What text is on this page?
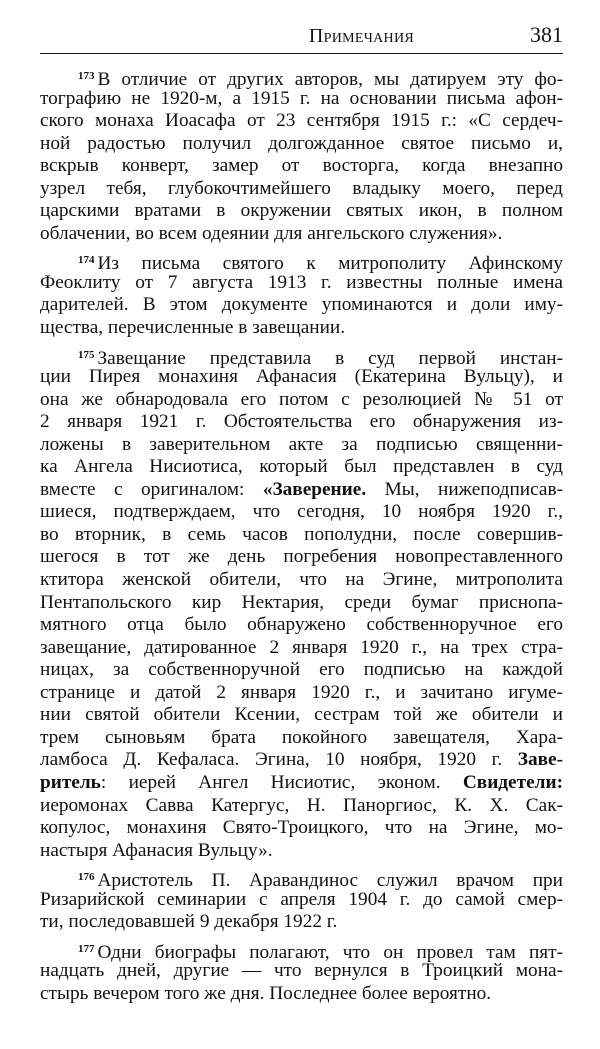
Примечания	381
$^{173}$ В отличие от других авторов, мы датируем эту фо-
тографию не 1920-м, а 1915 г. на основании письма афон-
ского монаха Иоасафа от 23 сентября 1915 г.: «С сердеч-
ной радостью получил долгожданное святое письмо и,
вскрыв конверт, замер от восторга, когда внезапно
узрел тебя, глубокочтимейшего владыку моего, перед
царскими вратами в окружении святых икон, в полном
облачении, во всем одеянии для ангельского служения».
$^{174}$ Из письма святого к митрополиту Афинскому
Феоклиту от 7 августа 1913 г. известны полные имена
дарителей. В этом документе упоминаются и доли иму-
щества, перечисленные в завещании.
$^{175}$ Завещание представила в суд первой инстан-
ции Пирея монахиня Афанасия (Екатерина Вульцу), и
она же обнародовала его потом с резолюцией № 51 от
2 января 1921 г. Обстоятельства его обнаружения из-
ложены в заверительном акте за подписью священни-
ка Ангела Нисиотиса, который был представлен в суд
вместе с оригиналом: «Заверение. Мы, нижеподписав-
шиеся, подтверждаем, что сегодня, 10 ноября 1920 г.,
во вторник, в семь часов пополудни, после совершив-
шегося в тот же день погребения новопреставленного
ктитора женской обители, что на Эгине, митрополита
Пентапольского кир Нектария, среди бумаг приснопа-
мятного отца было обнаружено собственноручное его
завещание, датированное 2 января 1920 г., на трех стра-
ницах, за собственноручной его подписью на каждой
странице и датой 2 января 1920 г., и зачитано игуме-
нии святой обители Ксении, сестрам той же обители и
трем сыновьям брата покойного завещателя, Хара-
ламбоса Д. Кефаласа. Эгина, 10 ноября, 1920 г. Заве-
ритель: иерей Ангел Нисиотис, эконом. Свидетели:
иеромонах Савва Катергус, Н. Паноргиос, К. Х. Сак-
копулос, монахиня Свято-Троицкого, что на Эгине, мо-
настыря Афанасия Вульцу».
$^{176}$ Аристотель П. Аравандинос служил врачом при
Ризарийской семинарии с апреля 1904 г. до самой смер-
ти, последовавшей 9 декабря 1922 г.
$^{177}$ Одни биографы полагают, что он провел там пят-
надцать дней, другие — что вернулся в Троицкий мона-
стырь вечером того же дня. Последнее более вероятно.
